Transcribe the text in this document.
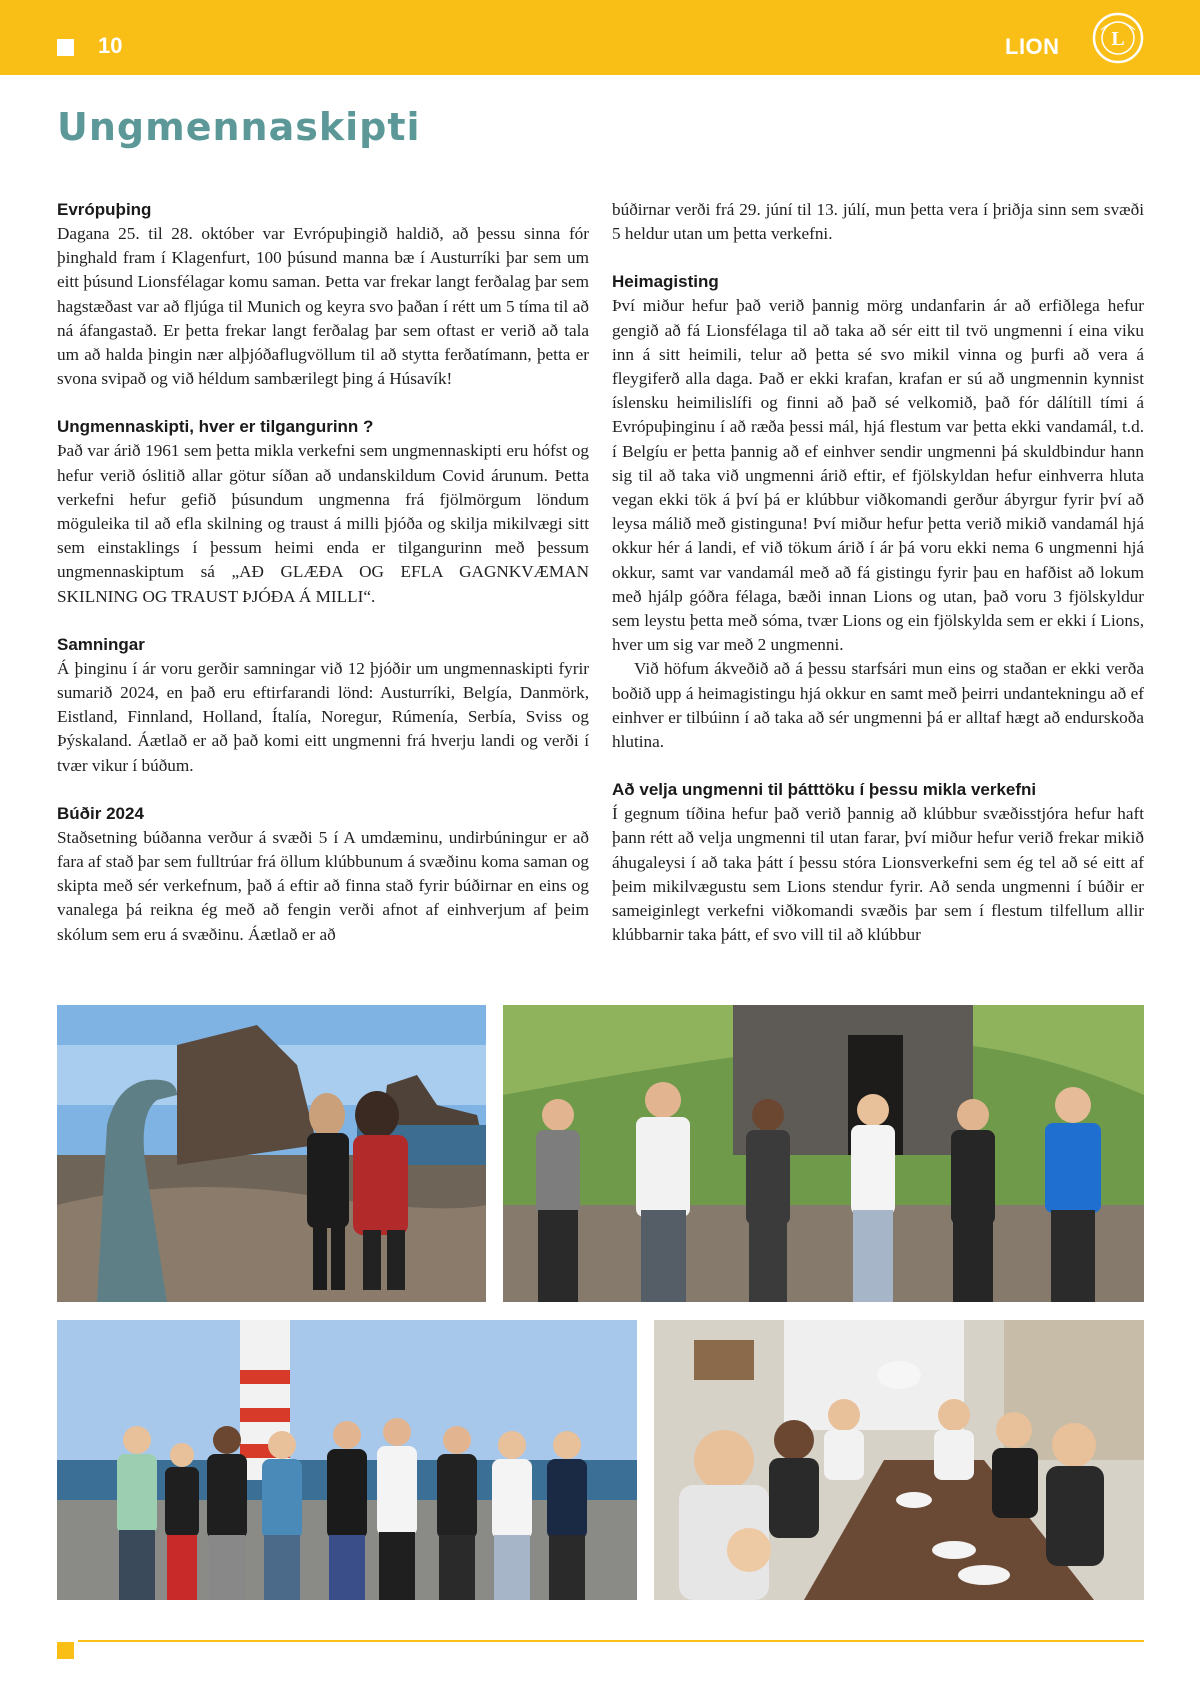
10	LION	L
Ungmennaskipti
Evrópuþing

Dagana 25. til 28. október var Evrópuþingið haldið, að þessu sinna fór þinghald fram í Klagenfurt, 100 þúsund manna bæ í Austurríki þar sem um eitt þúsund Lionsfélagar komu saman. Þetta var frekar langt ferðalag þar sem hagstæðast var að fljúga til Munich og keyra svo þaðan í rétt um 5 tíma til að ná áfangastað. Er þetta frekar langt ferðalag þar sem oftast er verið að tala um að halda þingin nær alþjóðaflugvöllum til að stytta ferðatímann, þetta er svona svipað og við héldum sambærilegt þing á Húsavík!

Ungmennaskipti, hver er tilgangurinn ?

Það var árið 1961 sem þetta mikla verkefni sem ungmennaskipti eru hófst og hefur verið óslitið allar götur síðan að undanskildum Covid árunum. Þetta verkefni hefur gefið þúsundum ungmenna frá fjölmörgum löndum möguleika til að efla skilning og traust á milli þjóða og skilja mikilvægi sitt sem einstaklings í þessum heimi enda er tilgangurinn með þessum ungmennaskiptum sá „AÐ GLÆÐA OG EFLA GAGNKVÆMAN SKILNING OG TRAUST ÞJÓÐA Á MILLI“.

Samningar

Á þinginu í ár voru gerðir samningar við 12 þjóðir um ungmennaskipti fyrir sumarið 2024, en það eru eftirfarandi lönd: Austurríki, Belgía, Danmörk, Eistland, Finnland, Holland, Ítalía, Noregur, Rúmenía, Serbía, Sviss og Þýskaland. Áætlað er að það komi eitt ungmenni frá hverju landi og verði í tvær vikur í búðum.

Búðir 2024

Staðsetning búðanna verður á svæði 5 í A umdæminu, undirbúningur er að fara af stað þar sem fulltrúar frá öllum klúbbunum á svæðinu koma saman og skipta með sér verkefnum, það á eftir að finna stað fyrir búðirnar en eins og vanalega þá reikna ég með að fengin verði afnot af einhverjum af þeim skólum sem eru á svæðinu. Áætlað er að

búðirnar verði frá 29. júní til 13. júlí, mun þetta vera í þriðja sinn sem svæði 5 heldur utan um þetta verkefni.

Heimagisting

Því miður hefur það verið þannig mörg undanfarin ár að erfiðlega hefur gengið að fá Lionsfélaga til að taka að sér eitt til tvö ungmenni í eina viku inn á sitt heimili, telur að þetta sé svo mikil vinna og þurfi að vera á fleygiferð alla daga. Það er ekki krafan, krafan er sú að ungmennin kynnist íslensku heimilislífi og finni að það sé velkomið, það fór dálítill tími á Evrópuþinginu í að ræða þessi mál, hjá flestum var þetta ekki vandamál, t.d. í Belgíu er þetta þannig að ef einhver sendir ungmenni þá skuldbindur hann sig til að taka við ungmenni árið eftir, ef fjölskyldan hefur einhverra hluta vegan ekki tök á því þá er klúbbur viðkomandi gerður ábyrgur fyrir því að leysa málið með gistinguna! Því miður hefur þetta verið mikið vandamál hjá okkur hér á landi, ef við tökum árið í ár þá voru ekki nema 6 ungmenni hjá okkur, samt var vandamál með að fá gistingu fyrir þau en hafðist að lokum með hjálp góðra félaga, bæði innan Lions og utan, það voru 3 fjölskyldur sem leystu þetta með sóma, tvær Lions og ein fjölskylda sem er ekki í Lions, hver um sig var með 2 ungmenni.

Við höfum ákveðið að á þessu starfsári mun eins og staðan er ekki verða boðið upp á heimagistingu hjá okkur en samt með þeirri undantekningu að ef einhver er tilbúinn í að taka að sér ungmenni þá er alltaf hægt að endurskoða hlutina.

Að velja ungmenni til þátttöku í þessu mikla verkefni

Í gegnum tíðina hefur það verið þannig að klúbbur svæðisstjóra hefur haft þann rétt að velja ungmenni til utan farar, því miður hefur verið frekar mikið áhugaleysi í að taka þátt í þessu stóra Lionsverkefni sem ég tel að sé eitt af þeim mikilvægustu sem Lions stendur fyrir. Að senda ungmenni í búðir er sameiginlegt verkefni viðkomandi svæðis þar sem í flestum tilfellum allir klúbbarnir taka þátt, ef svo vill til að klúbbur
